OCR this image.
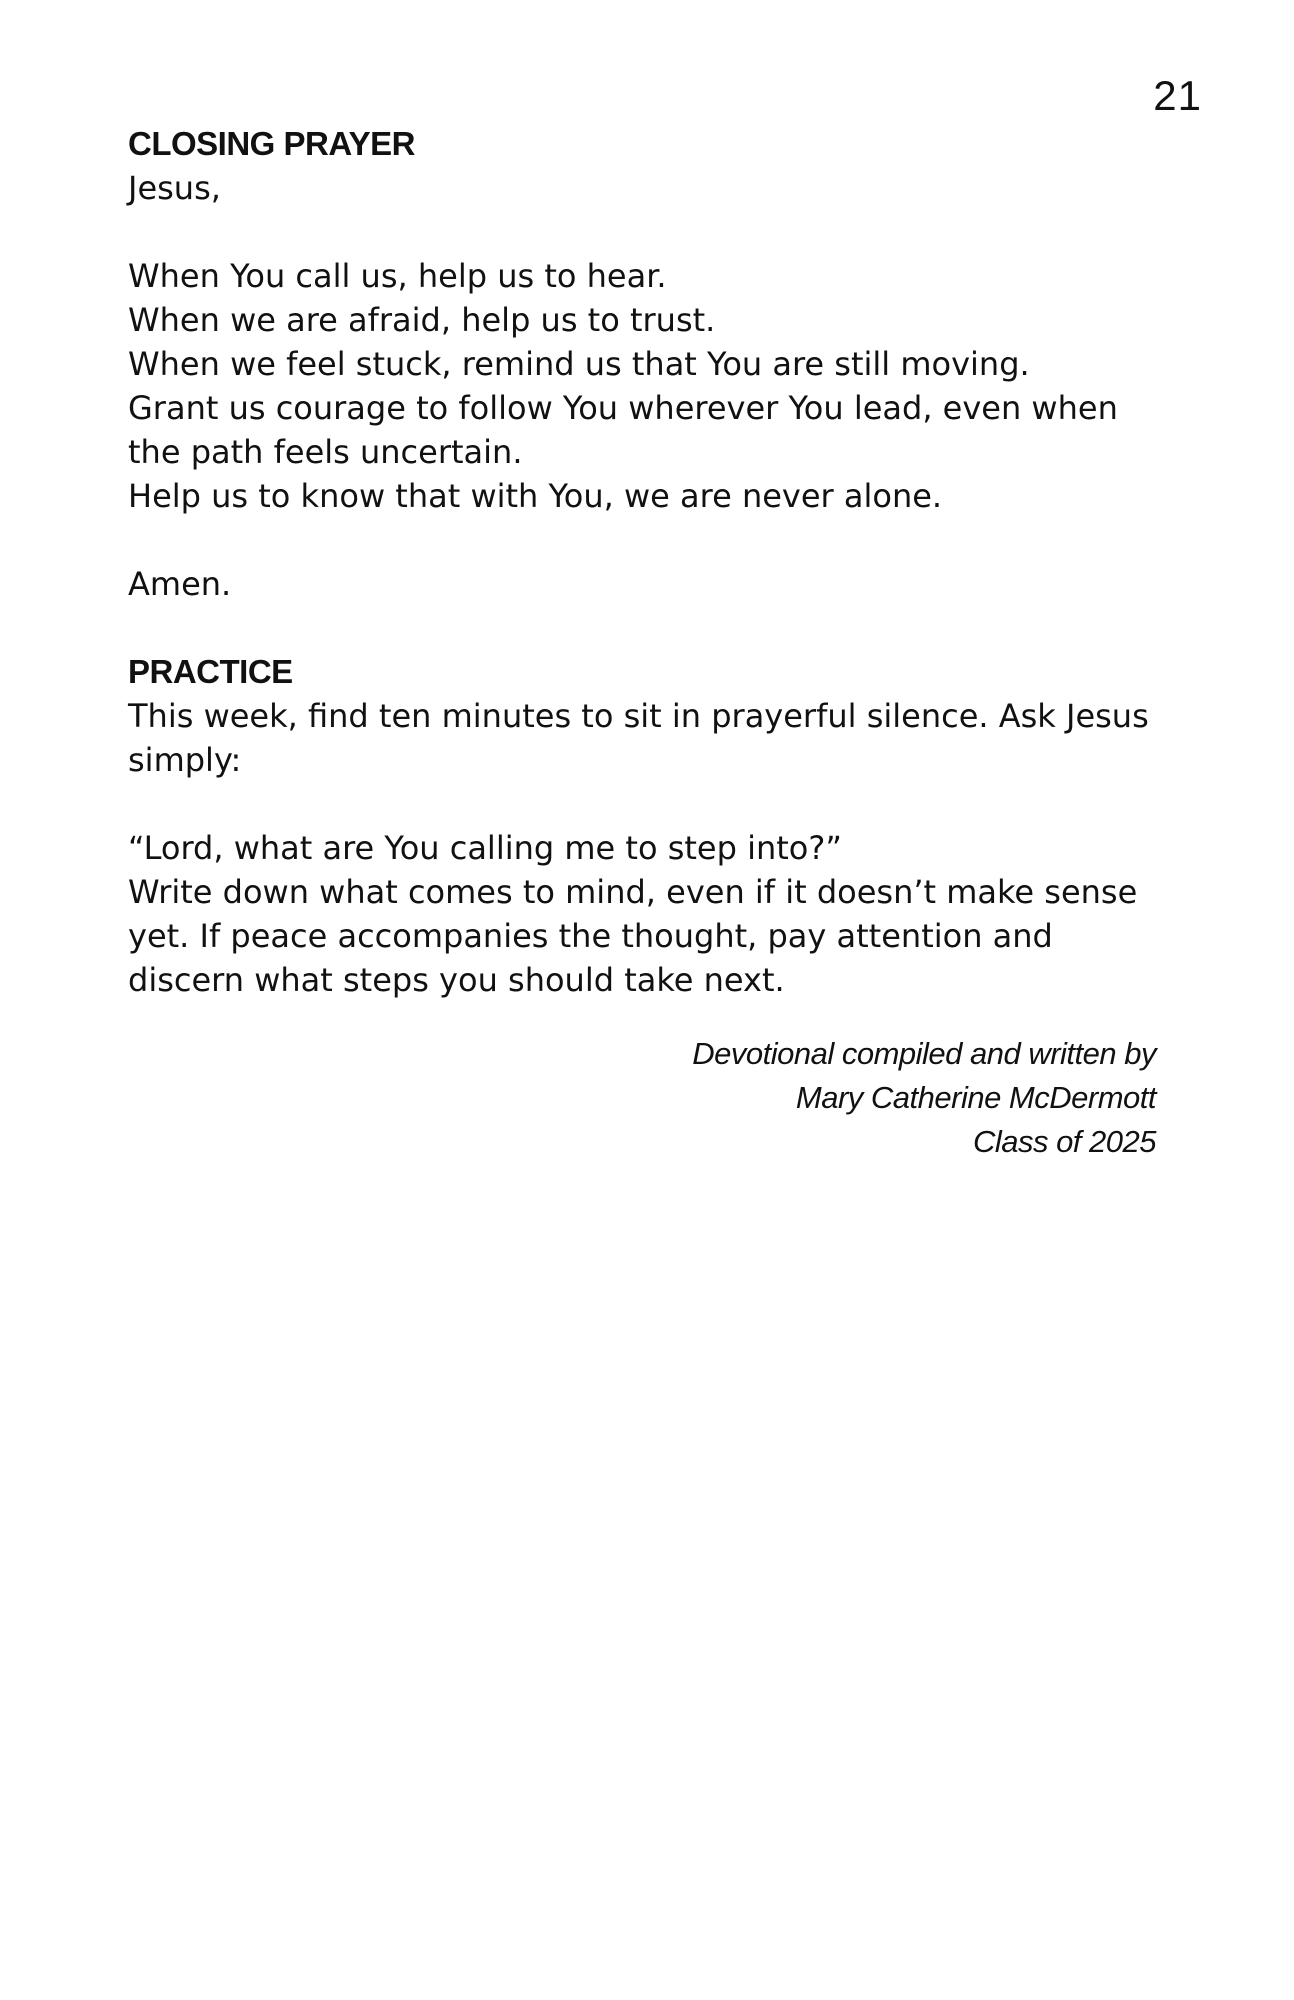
21
CLOSING PRAYER
Jesus,
When You call us, help us to hear.
When we are afraid, help us to trust.
When we feel stuck, remind us that You are still moving.
Grant us courage to follow You wherever You lead, even when
the path feels uncertain.
Help us to know that with You, we are never alone.
Amen.
PRACTICE
This week, find ten minutes to sit in prayerful silence. Ask Jesus
simply:
“Lord, what are You calling me to step into?”
Write down what comes to mind, even if it doesn’t make sense
yet. If peace accompanies the thought, pay attention and
discern what steps you should take next.
Devotional compiled and written by
Mary Catherine McDermott
Class of 2025
